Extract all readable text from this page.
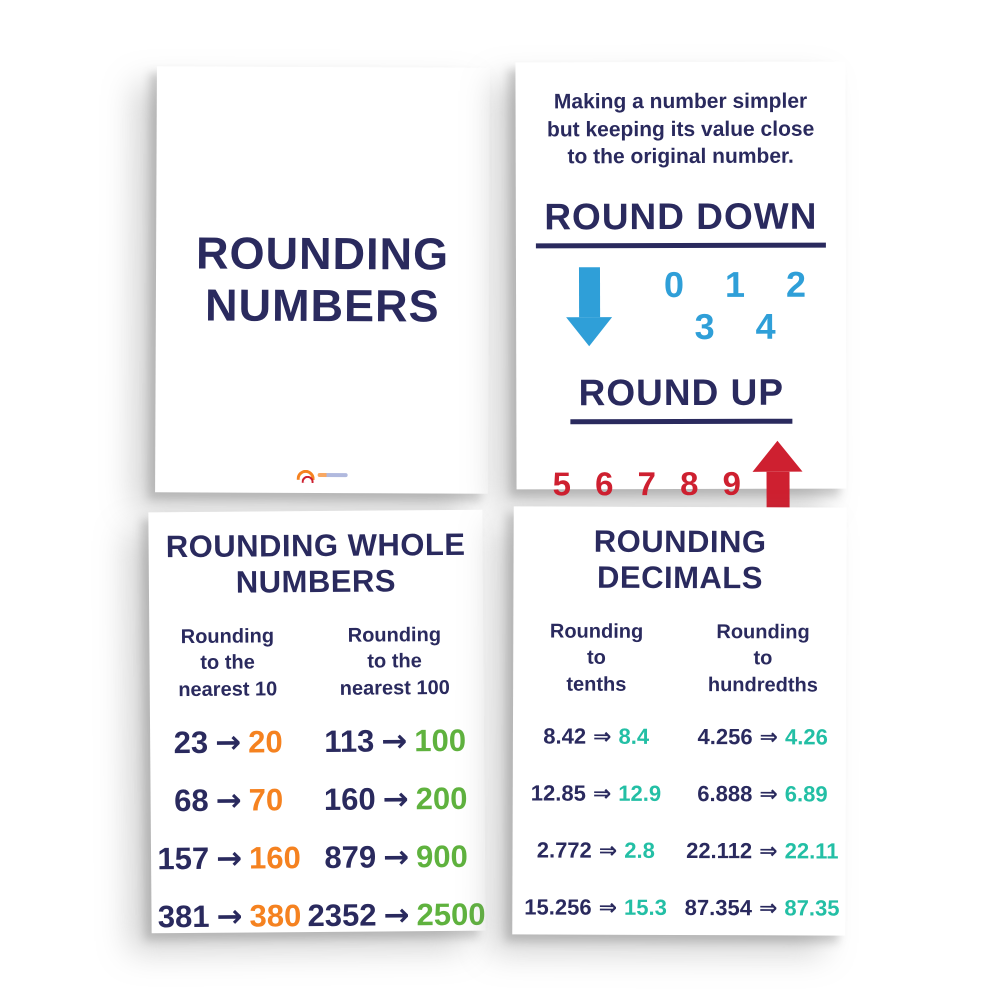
ROUNDING
NUMBERS
Making a number simpler
but keeping its value close
to the original number.
ROUND DOWN
0 1 2 3 4
ROUND UP
5 6 7 8 9
ROUNDING WHOLE
NUMBERS
Rounding
to the
nearest 10
23 → 20
68 → 70
157 → 160
381 → 380
Rounding
to the
nearest 100
113 → 100
160 → 200
879 → 900
2352 → 2500
ROUNDING
DECIMALS
Rounding
to
tenths
8.42 ⇒ 8.4
12.85 ⇒ 12.9
2.772 ⇒ 2.8
15.256 ⇒ 15.3
Rounding
to
hundredths
4.256 ⇒ 4.26
6.888 ⇒ 6.89
22.112 ⇒ 22.11
87.354 ⇒ 87.35
